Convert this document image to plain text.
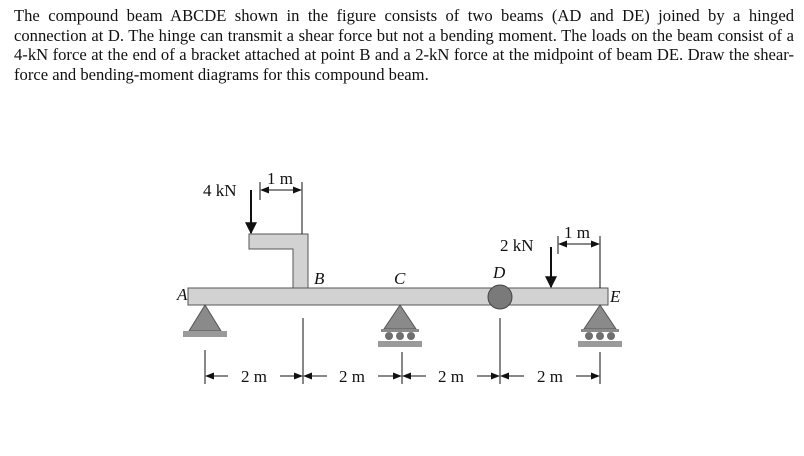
The compound beam ABCDE shown in the figure consists of two beams (AD and DE) joined by a hinged connection at D. The hinge can transmit a shear force but not a bending moment. The loads on the beam consist of a 4-kN force at the end of a bracket attached at point B and a 2-kN force at the midpoint of beam DE. Draw the shear-force and bending-moment diagrams for this compound beam.

4 kN
1 m
2 kN
1 m
A
B	C	D
E
2 m	2 m	2 m	2 m
